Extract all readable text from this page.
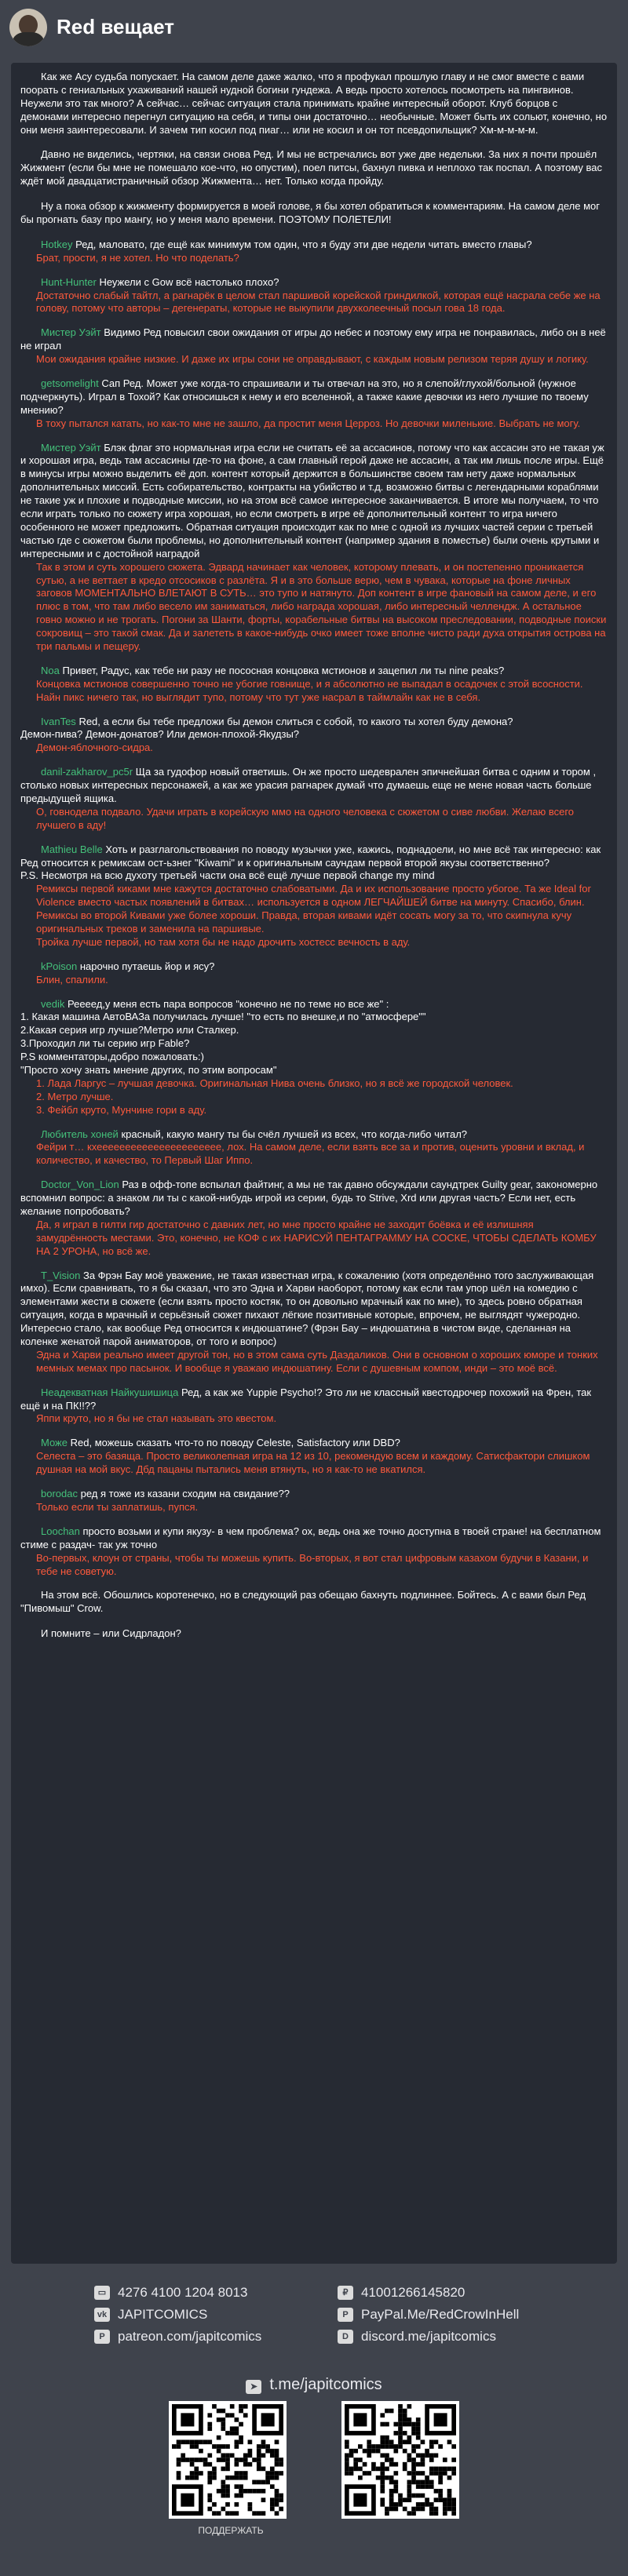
Red вещает

Как же Асу судьба попускает. На самом деле даже жалко, что я профукал прошлую главу и не смог вместе с вами поорать с гениальных ухаживаний нашей нудной богини гундежа. А ведь просто хотелось посмотреть на пингвинов. Неужели это так много? А сейчас… сейчас ситуация стала принимать крайне интересный оборот. Клуб борцов с демонами интересно перегнул ситуацию на себя, и типы они достаточно… необычные. Может быть их сольют, конечно, но они меня заинтересовали. И зачем тип косил под пиаг… или не косил и он тот псевдопильщик? Хм-м-м-м-м.

Давно не виделись, чертяки, на связи снова Ред. И мы не встречались вот уже две недельки. За них я почти прошёл Жижмент (если бы мне не помешало кое-что, но опустим), поел питсы, бахнул пивка и неплохо так поспал. А поэтому вас ждёт мой двадцатистраничный обзор Жижмента… нет. Только когда пройду.

Ну а пока обзор к жижменту формируется в моей голове, я бы хотел обратиться к комментариям. На самом деле мог бы прогнать базу про мангу, но у меня мало времени. ПОЭТОМУ ПОЛЕТЕЛИ!

Hotkey Ред, маловато, где ещё как минимум том один, что я буду эти две недели читать вместо главы?

Брат, прости, я не хотел. Но что поделать?

Hunt-Hunter Неужели с Gow всё настолько плохо?

Достаточно слабый тайтл, а рагнарёк в целом стал паршивой корейской гриндилкой, которая ещё насрала себе же на голову, потому что авторы – дегенераты, которые не выкупили двухколеечный посыл гова 18 года.

Мистер Уэйт Видимо Ред повысил свои ожидания от игры до небес и поэтому ему игра не понравилась, либо он в неё не играл

Мои ожидания крайне низкие. И даже их игры сони не оправдывают, с каждым новым релизом теряя душу и логику.

getsomelight Сап Ред. Может уже когда-то спрашивали и ты отвечал на это, но я слепой/глухой/больной (нужное подчеркнуть). Играл в Тохой? Как относишься к нему и его вселенной, а также какие девочки из него лучшие по твоему мнению?

В тоху пытался катать, но как-то мне не зашло, да простит меня Церроз. Но девочки миленькие. Выбрать не могу.

Мистер Уэйт Блэк флаг это нормальная игра если не считать её за ассасинов, потому что как ассасин это не такая уж и хорошая игра, ведь там ассасины где-то на фоне, а сам главный герой даже не ассасин, а так им лишь после игры. Ещё в минусы игры можно выделить её доп. контент который держится в большинстве своем там нету даже нормальных дополнительных миссий. Есть собирательство, контракты на убийство и т.д. возможно битвы с легендарными кораблями не такие уж и плохие и подводные миссии, но на этом всё самое интересное заканчивается. В итоге мы получаем, то что если играть только по сюжету игра хорошая, но если смотреть в игре её дополнительный контент то игра ничего особенного не может предложить. Обратная ситуация происходит как по мне с одной из лучших частей серии с третьей частью где с сюжетом были проблемы, но дополнительный контент (например здания в поместье) были очень крутыми и интересными и с достойной наградой

Так в этом и суть хорошего сюжета. Эдвард начинает как человек, которому плевать, и он постепенно проникается сутью, а не веттает в кредо отсосиков с разлёта. Я и в это больше верю, чем в чувака, которые на фоне личных заговов МОМЕНТАЛЬНО ВЛЕТАЮТ В СУТЬ… это тупо и натянуто. Доп контент в игре фановый на самом деле, и его плюс в том, что там либо весело им заниматься, либо награда хорошая, либо интересный челлендж. А остальное говно можно и не трогать. Погони за Шанти, форты, корабельные битвы на высоком преследовании, подводные поиски сокровищ – это такой смак. Да и залететь в какое-нибудь очко имеет тоже вполне чисто ради духа открытия острова на три пальмы и пещеру.

Noa Привет, Радус, как тебе ни разу не пососная концовка мстионов и зацепил ли ты nine peaks?

Концовка мстионов совершенно точно не убогие говнище, и я абсолютно не выпадал в осадочек с этой всосности. Найн пикс ничего так, но выглядит тупо, потому что тут уже насрал в таймлайн как не в себя.

IvanTes Red, а если бы тебе предложи бы демон слиться с собой, то какого ты хотел буду демона?
Демон-пива? Демон-донатов? Или демон-плохой-Якудзы?

Демон-яблочного-сидра.

danil-zakharov_pc5r Ща за гудофор новый ответишь. Он же просто шедеврален эпичнейшая битва с одним и тором , столько новых интересных персонажей, а как же урасия рагнарек думай что думаешь еще не мене новая часть больше предыдущей ящика.

О, говнодела подвало. Удачи играть в корейскую ммо на одного человека с сюжетом о сиве любви. Желаю всего лучшего в аду!

Mathieu Belle Хоть и разглагольствования по поводу музычки уже, кажись, поднадоели, но мне всё так интересно: как Ред относится к ремиксам ост-ьзнег "Kiwami" и к оригинальным саундам первой второй якузы соответственно?
P.S. Несмотря на всю духоту третьей части она всё ещё лучше первой change my mind

Ремиксы первой киками мне кажутся достаточно слабоватыми. Да и их использование просто убогое. Та же Ideal for Violence вместо частых появлений в битвах… используется в одном ЛЕГЧАЙШЕЙ битве на минуту. Спасибо, блин. Ремиксы во второй Кивами уже более хороши. Правда, вторая кивами идёт сосать могу за то, что скипнула кучу оригинальных треков и заменила на паршивые.
Тройка лучше первой, но там хотя бы не надо дрочить хостесс вечность в аду.

kPoison нарочно путаешь йор и ясу?

Блин, спалили.

vedik Реееед,у меня есть пара вопросов "конечно не по теме но все же" :
1. Какая машина АвтоВАЗа получилась лучше! "то есть по внешке,и по "атмосфере""
2.Какая серия игр лучше?Метро или Сталкер.
3.Проходил ли ты серию игр Fable?
P.S комментаторы,добро пожаловать:)
"Просто хочу знать мнение других, по этим вопросам"

1. Лада Ларгус – лучшая девочка. Оригинальная Нива очень близко, но я всё же городской человек.
2. Метро лучше.
3. Фейбл круто, Мунчине гори в аду.

Любитель хоней красный, какую мангу ты бы счёл лучшей из всех, что когда-либо читал?

Фейри т… кхееееееееееееееееееееее, лох. На самом деле, если взять все за и против, оценить уровни и вклад, и количество, и качество, то Первый Шаг Иппо.

Doctor_Von_Lion Раз в офф-топе вспылал файтинг, а мы не так давно обсуждали саундтрек Guilty gear, закономерно вспомнил вопрос: а знаком ли ты с какой-нибудь игрой из серии, будь то Strive, Xrd или другая часть? Если нет, есть желание попробовать?

Да, я играл в гилти гир достаточно с давних лет, но мне просто крайне не заходит боёвка и её излишняя замудрённость местами. Это, конечно, не КОФ с их НАРИСУЙ ПЕНТАГРАММУ НА СОСКЕ, ЧТОБЫ СДЕЛАТЬ КОМБУ НА 2 УРОНА, но всё же.

T_Vision За Фрэн Бау моё уважение, не такая известная игра, к сожалению (хотя определённо того заслуживающая имхо). Если сравнивать, то я бы сказал, что это Эдна и Харви наоборот, потому как если там упор шёл на комедию с элементами жести в сюжете (если взять просто костяк, то он довольно мрачный как по мне), то здесь ровно обратная ситуация, когда в мрачный и серьёзный сюжет пихают лёгкие позитивные которые, впрочем, не выглядят чужеродно. Интересно стало, как вообще Ред относится к индюшатине? (Фрэн Бау – индюшатина в чистом виде, сделанная на коленке женатой парой аниматоров, от того и вопрос)

Эдна и Харви реально имеет другой тон, но в этом сама суть Даэдаликов. Они в основном о хороших юморе и тонких мемных мемах про пасынок. И вообще я уважаю индюшатину. Если с душевным компом, инди – это моё всё.

Неадекватная Найкушишица Ред, а как же Yuppie Psycho!? Это ли не классный квестодрочер похожий на Френ, так ещё и на ПК!!??

Яппи круто, но я бы не стал называть это квестом.

Може Red, можешь сказать что-то по поводу Celeste, Satisfactory или DBD?

Селеста – это базяща. Просто великолепная игра на 12 из 10, рекомендую всем и каждому. Сатисфактори слишком душная на мой вкус. Дбд пацаны пытались меня втянуть, но я как-то не вкатился.

borodac ред я тоже из казани сходим на свидание??

Только если ты заплатишь, пупся.

Loochan просто возьми и купи якузу- в чем проблема? ох, ведь она же точно доступна в твоей стране! на бесплатном стиме с раздач- так уж точно

Во-первых, клоун от страны, чтобы ты можешь купить. Во-вторых, я вот стал цифровым казахом будучи в Казани, и тебе не советую.

На этом всё. Обошлись коротенечко, но в следующий раз обещаю бахнуть подлиннее. Бойтесь. А с вами был Ред "Пивомыш" Crow.

И помните – или Сидрладон?

▭ 4276 4100 1204 8013
vk JAPITCOMICS
P patreon.com/japitcomics
₽ 41001266145820
P PayPal.Me/RedCrowInHell
D discord.me/japitcomics
➤ t.me/japitcomics
ПОДДЕРЖАТЬ
